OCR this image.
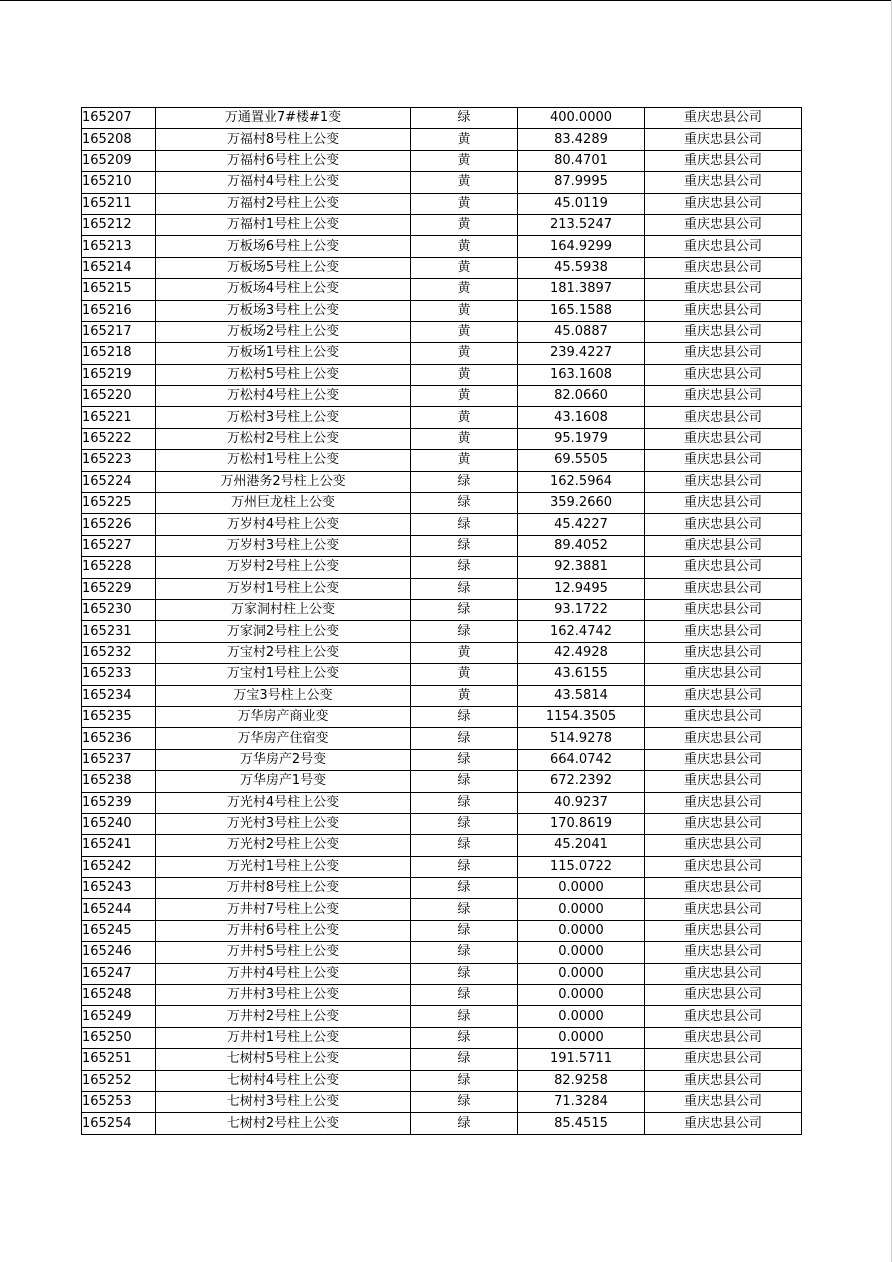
165207	万通置业7#楼#1变	绿	400.0000	重庆忠县公司
165208	万福村8号柱上公变	黄	83.4289	重庆忠县公司
165209	万福村6号柱上公变	黄	80.4701	重庆忠县公司
165210	万福村4号柱上公变	黄	87.9995	重庆忠县公司
165211	万福村2号柱上公变	黄	45.0119	重庆忠县公司
165212	万福村1号柱上公变	黄	213.5247	重庆忠县公司
165213	万板场6号柱上公变	黄	164.9299	重庆忠县公司
165214	万板场5号柱上公变	黄	45.5938	重庆忠县公司
165215	万板场4号柱上公变	黄	181.3897	重庆忠县公司
165216	万板场3号柱上公变	黄	165.1588	重庆忠县公司
165217	万板场2号柱上公变	黄	45.0887	重庆忠县公司
165218	万板场1号柱上公变	黄	239.4227	重庆忠县公司
165219	万松村5号柱上公变	黄	163.1608	重庆忠县公司
165220	万松村4号柱上公变	黄	82.0660	重庆忠县公司
165221	万松村3号柱上公变	黄	43.1608	重庆忠县公司
165222	万松村2号柱上公变	黄	95.1979	重庆忠县公司
165223	万松村1号柱上公变	黄	69.5505	重庆忠县公司
165224	万州港务2号柱上公变	绿	162.5964	重庆忠县公司
165225	万州巨龙柱上公变	绿	359.2660	重庆忠县公司
165226	万岁村4号柱上公变	绿	45.4227	重庆忠县公司
165227	万岁村3号柱上公变	绿	89.4052	重庆忠县公司
165228	万岁村2号柱上公变	绿	92.3881	重庆忠县公司
165229	万岁村1号柱上公变	绿	12.9495	重庆忠县公司
165230	万家洞村柱上公变	绿	93.1722	重庆忠县公司
165231	万家洞2号柱上公变	绿	162.4742	重庆忠县公司
165232	万宝村2号柱上公变	黄	42.4928	重庆忠县公司
165233	万宝村1号柱上公变	黄	43.6155	重庆忠县公司
165234	万宝3号柱上公变	黄	43.5814	重庆忠县公司
165235	万华房产商业变	绿	1154.3505	重庆忠县公司
165236	万华房产住宿变	绿	514.9278	重庆忠县公司
165237	万华房产2号变	绿	664.0742	重庆忠县公司
165238	万华房产1号变	绿	672.2392	重庆忠县公司
165239	万光村4号柱上公变	绿	40.9237	重庆忠县公司
165240	万光村3号柱上公变	绿	170.8619	重庆忠县公司
165241	万光村2号柱上公变	绿	45.2041	重庆忠县公司
165242	万光村1号柱上公变	绿	115.0722	重庆忠县公司
165243	万井村8号柱上公变	绿	0.0000	重庆忠县公司
165244	万井村7号柱上公变	绿	0.0000	重庆忠县公司
165245	万井村6号柱上公变	绿	0.0000	重庆忠县公司
165246	万井村5号柱上公变	绿	0.0000	重庆忠县公司
165247	万井村4号柱上公变	绿	0.0000	重庆忠县公司
165248	万井村3号柱上公变	绿	0.0000	重庆忠县公司
165249	万井村2号柱上公变	绿	0.0000	重庆忠县公司
165250	万井村1号柱上公变	绿	0.0000	重庆忠县公司
165251	七树村5号柱上公变	绿	191.5711	重庆忠县公司
165252	七树村4号柱上公变	绿	82.9258	重庆忠县公司
165253	七树村3号柱上公变	绿	71.3284	重庆忠县公司
165254	七树村2号柱上公变	绿	85.4515	重庆忠县公司
